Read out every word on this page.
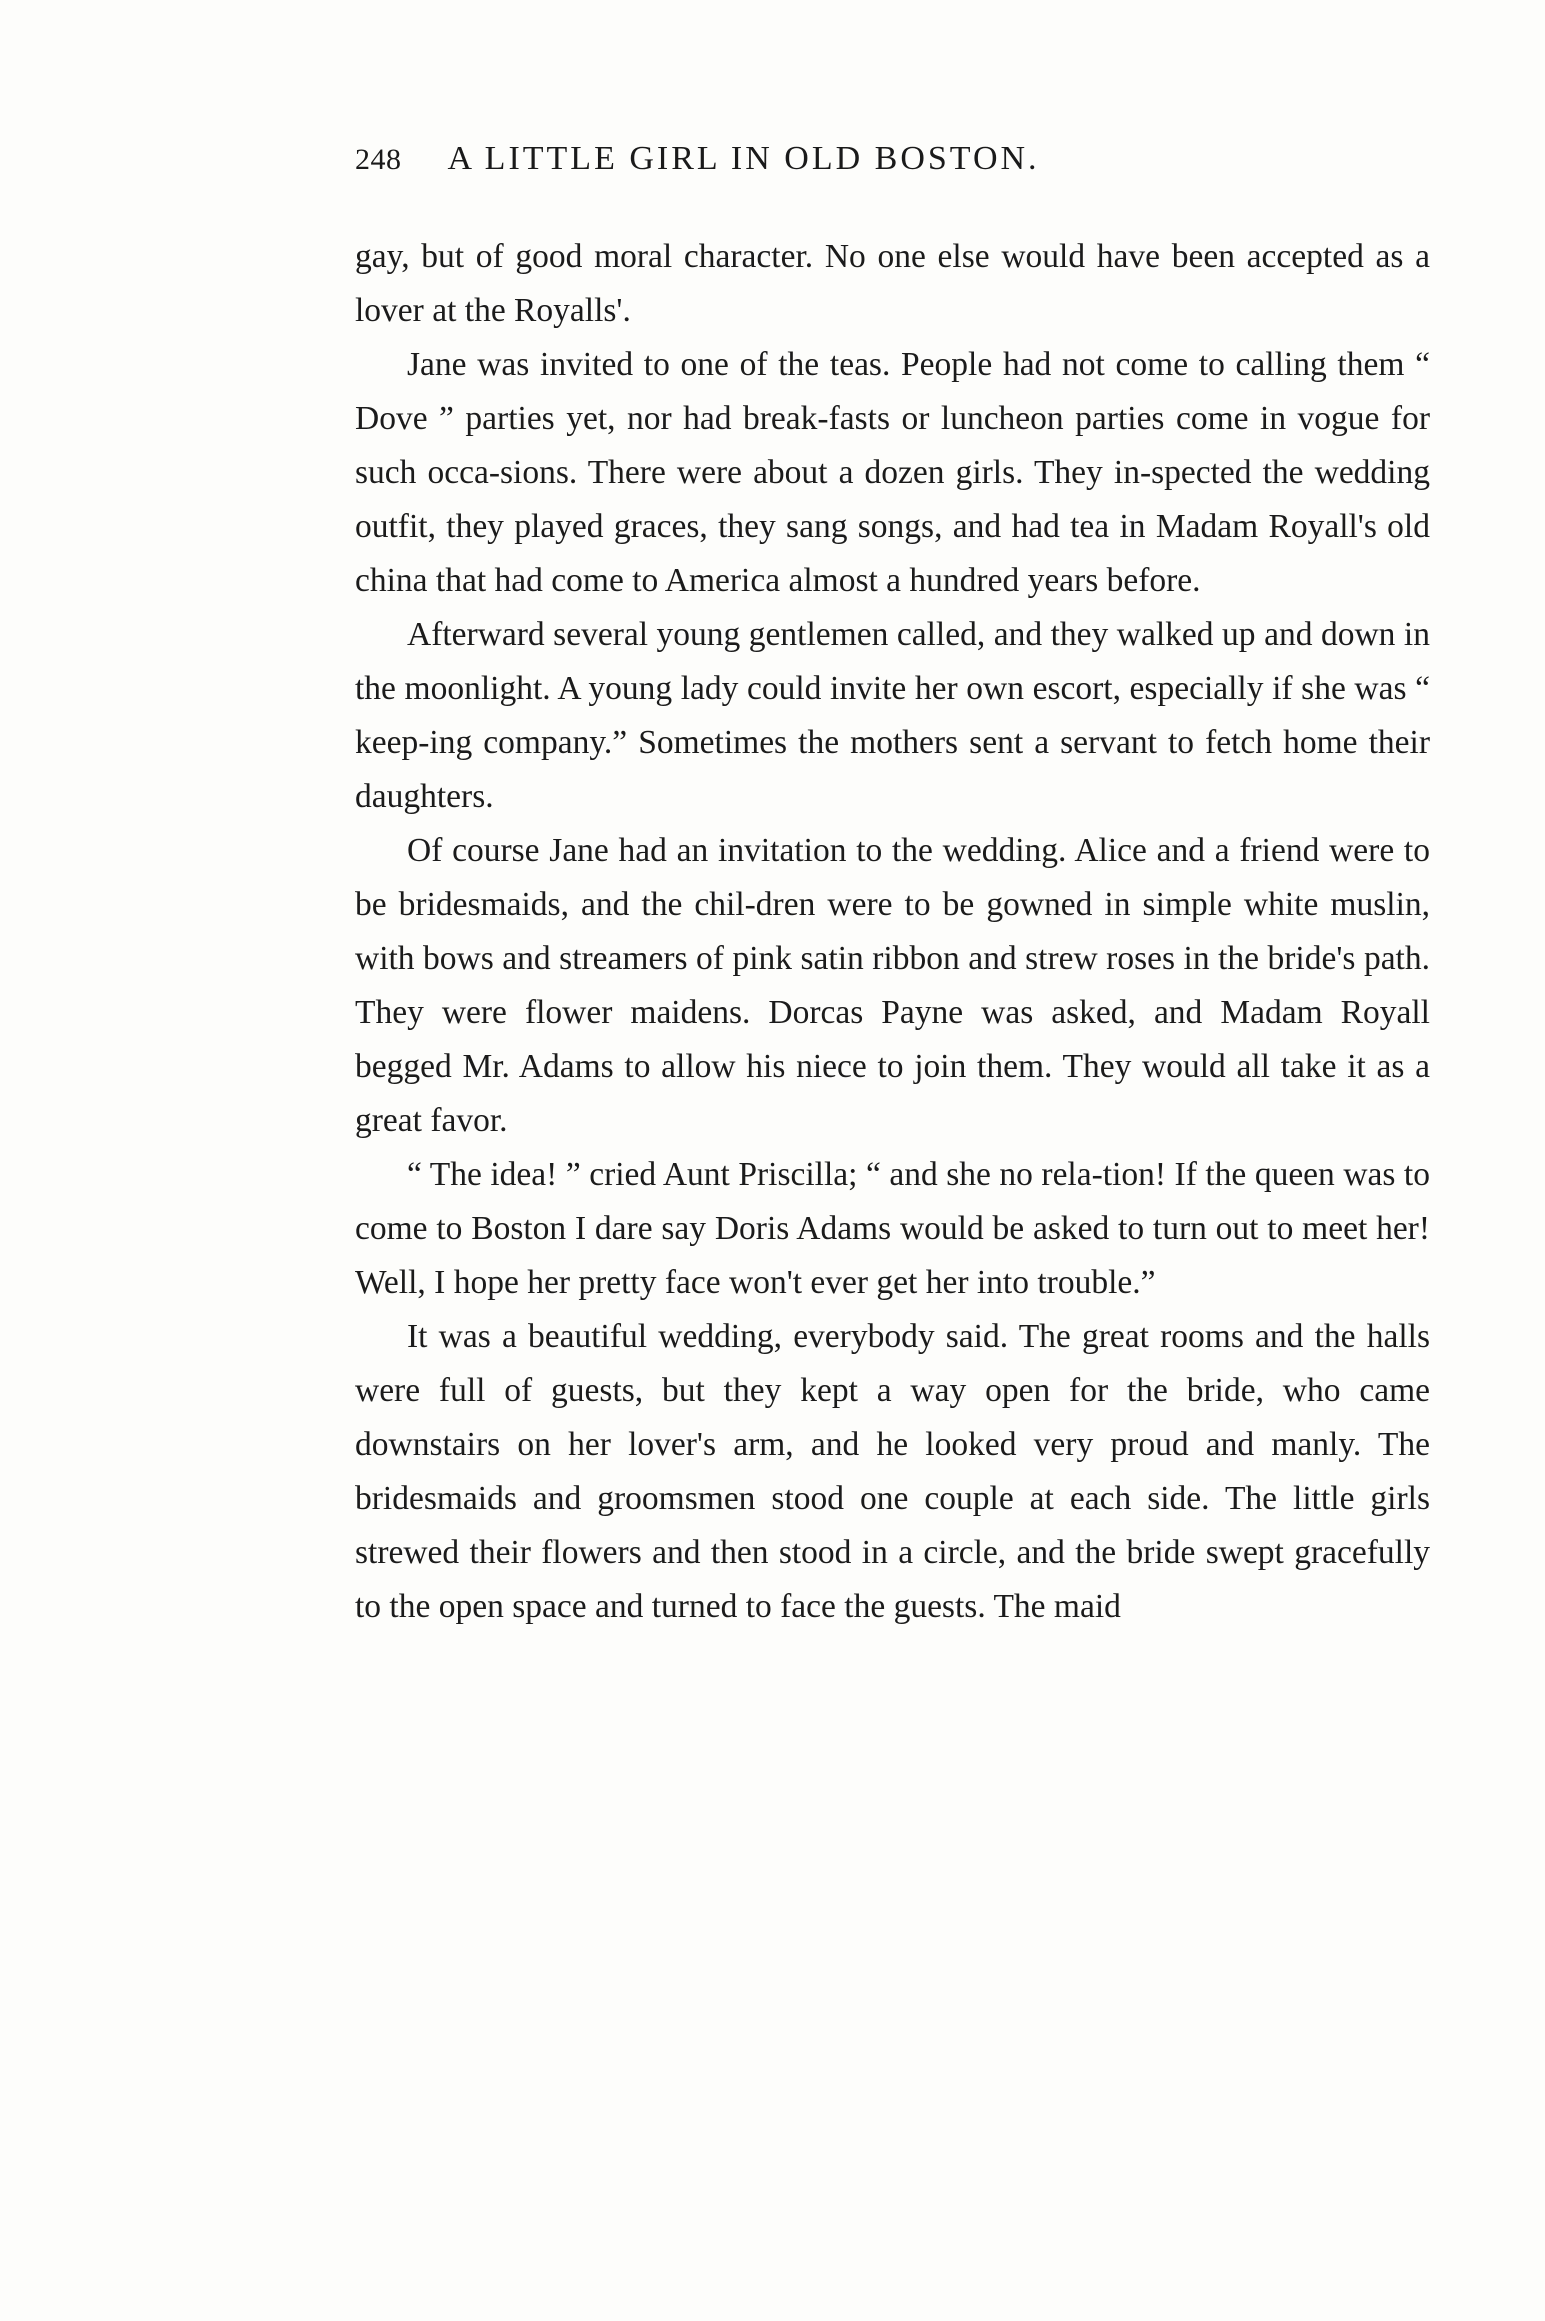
248 A LITTLE GIRL IN OLD BOSTON.

gay, but of good moral character. No one else would have been accepted as a lover at the Royalls'.

Jane was invited to one of the teas. People had not come to calling them “ Dove ” parties yet, nor had break-fasts or luncheon parties come in vogue for such occa-sions. There were about a dozen girls. They in-spected the wedding outfit, they played graces, they sang songs, and had tea in Madam Royall's old china that had come to America almost a hundred years before.

Afterward several young gentlemen called, and they walked up and down in the moonlight. A young lady could invite her own escort, especially if she was “ keep-ing company.” Sometimes the mothers sent a servant to fetch home their daughters.

Of course Jane had an invitation to the wedding. Alice and a friend were to be bridesmaids, and the chil-dren were to be gowned in simple white muslin, with bows and streamers of pink satin ribbon and strew roses in the bride's path. They were flower maidens. Dorcas Payne was asked, and Madam Royall begged Mr. Adams to allow his niece to join them. They would all take it as a great favor.

“ The idea! ” cried Aunt Priscilla; “ and she no rela-tion! If the queen was to come to Boston I dare say Doris Adams would be asked to turn out to meet her! Well, I hope her pretty face won't ever get her into trouble.”

It was a beautiful wedding, everybody said. The great rooms and the halls were full of guests, but they kept a way open for the bride, who came downstairs on her lover's arm, and he looked very proud and manly. The bridesmaids and groomsmen stood one couple at each side. The little girls strewed their flowers and then stood in a circle, and the bride swept gracefully to the open space and turned to face the guests. The maid
